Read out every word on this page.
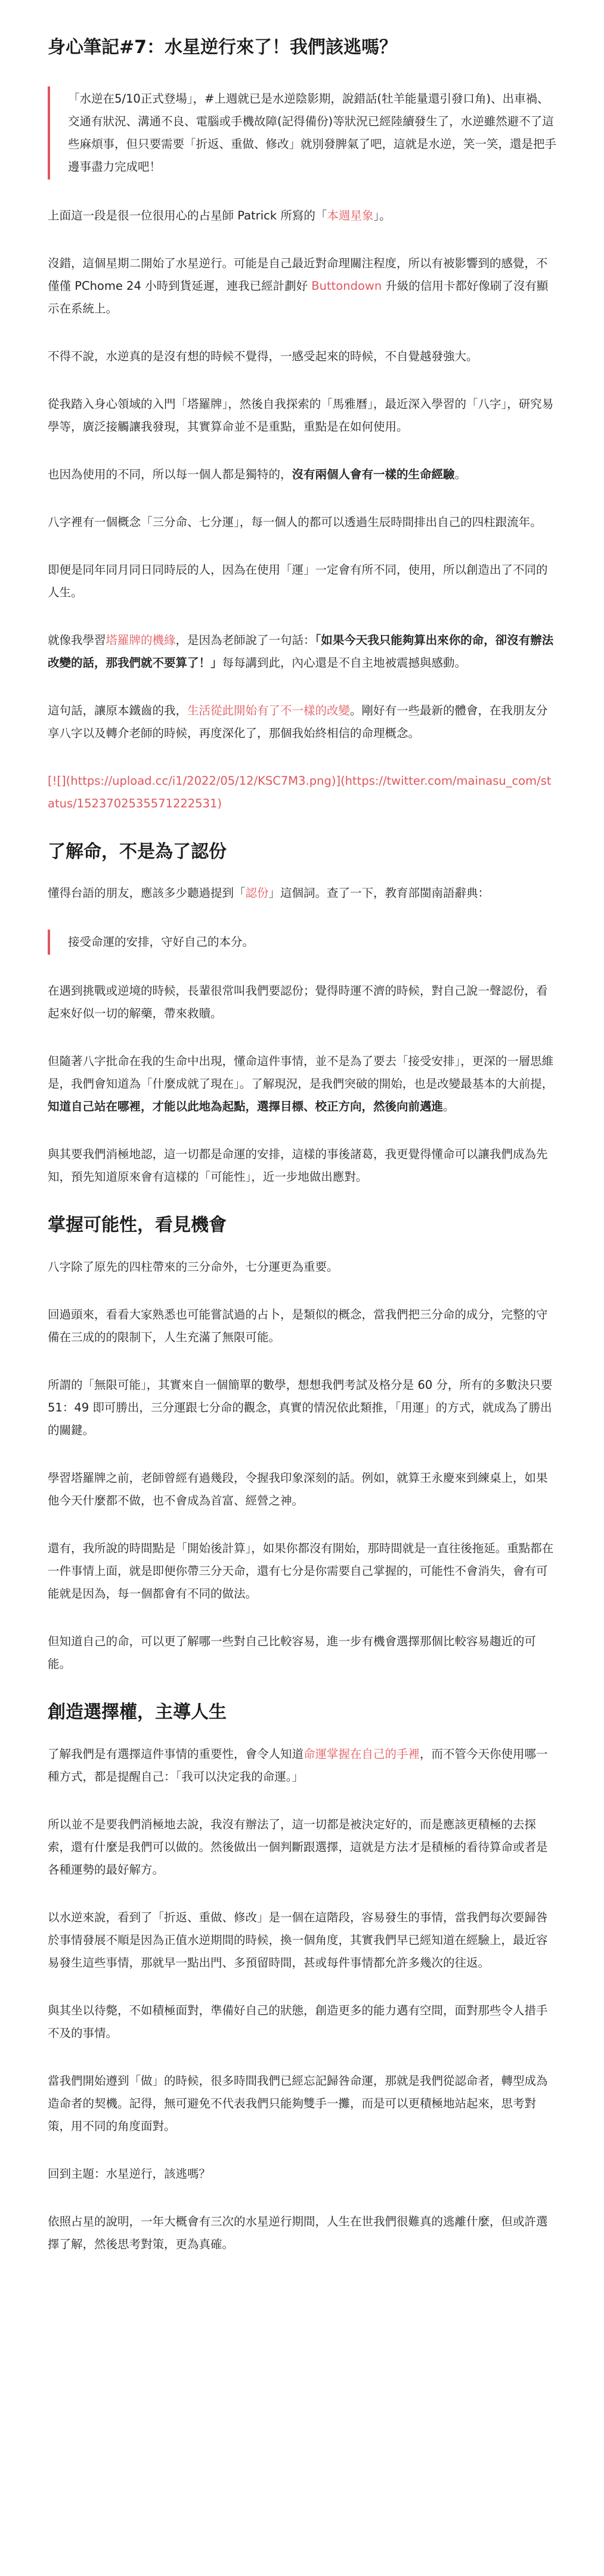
身心筆記#7：水星逆行來了！我們該逃嗎？
「水逆在5/10正式登場」，#上週就已是水逆陰影期，說錯話(牡羊能量還引發口角)、出車禍、交通有狀況、溝通不良、電腦或手機故障(記得備份)等狀況已經陸續發生了，水逆雖然避不了這些麻煩事，但只要需要「折返、重做、修改」就別發脾氣了吧，這就是水逆，笑一笑，還是把手邊事盡力完成吧！

上面這一段是很一位很用心的占星師 Patrick 所寫的「本週星象」。

沒錯，這個星期二開始了水星逆行。可能是自己最近對命理關注程度，所以有被影響到的感覺，不僅僅 PChome 24 小時到貨延遲，連我已經計劃好 Buttondown 升級的信用卡都好像刷了沒有顯示在系統上。

不得不說，水逆真的是沒有想的時候不覺得，一感受起來的時候，不自覺越發強大。

從我踏入身心領域的入門「塔羅牌」，然後自我探索的「馬雅曆」，最近深入學習的「八字」，研究易學等，廣泛接觸讓我發現，其實算命並不是重點，重點是在如何使用。

也因為使用的不同，所以每一個人都是獨特的，沒有兩個人會有一樣的生命經驗。

八字裡有一個概念「三分命、七分運」，每一個人的都可以透過生辰時間排出自己的四柱跟流年。

即便是同年同月同日同時辰的人，因為在使用「運」一定會有所不同，使用，所以創造出了不同的人生。

就像我學習塔羅牌的機緣，是因為老師說了一句話：「如果今天我只能夠算出來你的命，卻沒有辦法改變的話，那我們就不要算了！」每每講到此，內心還是不自主地被震撼與感動。

這句話，讓原本鐵齒的我，生活從此開始有了不一樣的改變。剛好有一些最新的體會，在我朋友分享八字以及轉介老師的時候，再度深化了，那個我始終相信的命理概念。

[![](https://upload.cc/i1/2022/05/12/KSC7M3.png)](https://twitter.com/mainasu_com/status/1523702535571222531)

了解命，不是為了認份

懂得台語的朋友，應該多少聽過提到「認份」這個詞。查了一下，教育部閩南語辭典：

接受命運的安排，守好自己的本分。

在遇到挑戰或逆境的時候，長輩很常叫我們要認份；覺得時運不濟的時候，對自己說一聲認份，看起來好似一切的解藥，帶來救贖。

但隨著八字批命在我的生命中出現，懂命這件事情，並不是為了要去「接受安排」，更深的一層思維是，我們會知道為「什麼成就了現在」。了解現況，是我們突破的開始，也是改變最基本的大前提，知道自己站在哪裡，才能以此地為起點，選擇目標、校正方向，然後向前邁進。

與其要我們消極地認，這一切都是命運的安排，這樣的事後諸葛，我更覺得懂命可以讓我們成為先知，預先知道原來會有這樣的「可能性」，近一步地做出應對。

掌握可能性，看見機會

八字除了原先的四柱帶來的三分命外，七分運更為重要。

回過頭來，看看大家熟悉也可能嘗試過的占卜，是類似的概念，當我們把三分命的成分，完整的守備在三成的的限制下，人生充滿了無限可能。

所謂的「無限可能」，其實來自一個簡單的數學，想想我們考試及格分是 60 分，所有的多數決只要 51：49 即可勝出，三分運跟七分命的觀念，真實的情況依此類推，「用運」的方式，就成為了勝出的關鍵。

學習塔羅牌之前，老師曾經有過幾段，令握我印象深刻的話。例如，就算王永慶來到練桌上，如果他今天什麼都不做，也不會成為首富、經營之神。

還有，我所說的時間點是「開始後計算」，如果你都沒有開始，那時間就是一直往後拖延。重點都在一件事情上面，就是即便你帶三分天命，還有七分是你需要自己掌握的，可能性不會消失，會有可能就是因為，每一個都會有不同的做法。

但知道自己的命，可以更了解哪一些對自己比較容易，進一步有機會選擇那個比較容易趨近的可能。

創造選擇權，主導人生

了解我們是有選擇這件事情的重要性，會令人知道命運掌握在自己的手裡，而不管今天你使用哪一種方式，都是提醒自己：「我可以決定我的命運。」

所以並不是要我們消極地去說，我沒有辦法了，這一切都是被決定好的，而是應該更積極的去探索，還有什麼是我們可以做的。然後做出一個判斷跟選擇，這就是方法才是積極的看待算命或者是各種運勢的最好解方。

以水逆來說，看到了「折返、重做、修改」是一個在這階段，容易發生的事情，當我們每次要歸咎於事情發展不順是因為正值水逆期間的時候，換一個角度，其實我們早已經知道在經驗上，最近容易發生這些事情，那就早一點出門、多預留時間，甚或每件事情都允許多幾次的往返。

與其坐以待斃，不如積極面對，準備好自己的狀態，創造更多的能力邁有空間，面對那些令人措手不及的事情。

當我們開始遵到「做」的時候，很多時間我們已經忘記歸咎命運，那就是我們從認命者，轉型成為造命者的契機。記得，無可避免不代表我們只能夠雙手一攤，而是可以更積極地站起來，思考對策，用不同的角度面對。

回到主題：水星逆行，該逃嗎？

依照占星的說明，一年大概會有三次的水星逆行期間，人生在世我們很難真的逃離什麼，但或許選擇了解，然後思考對策，更為真確。
